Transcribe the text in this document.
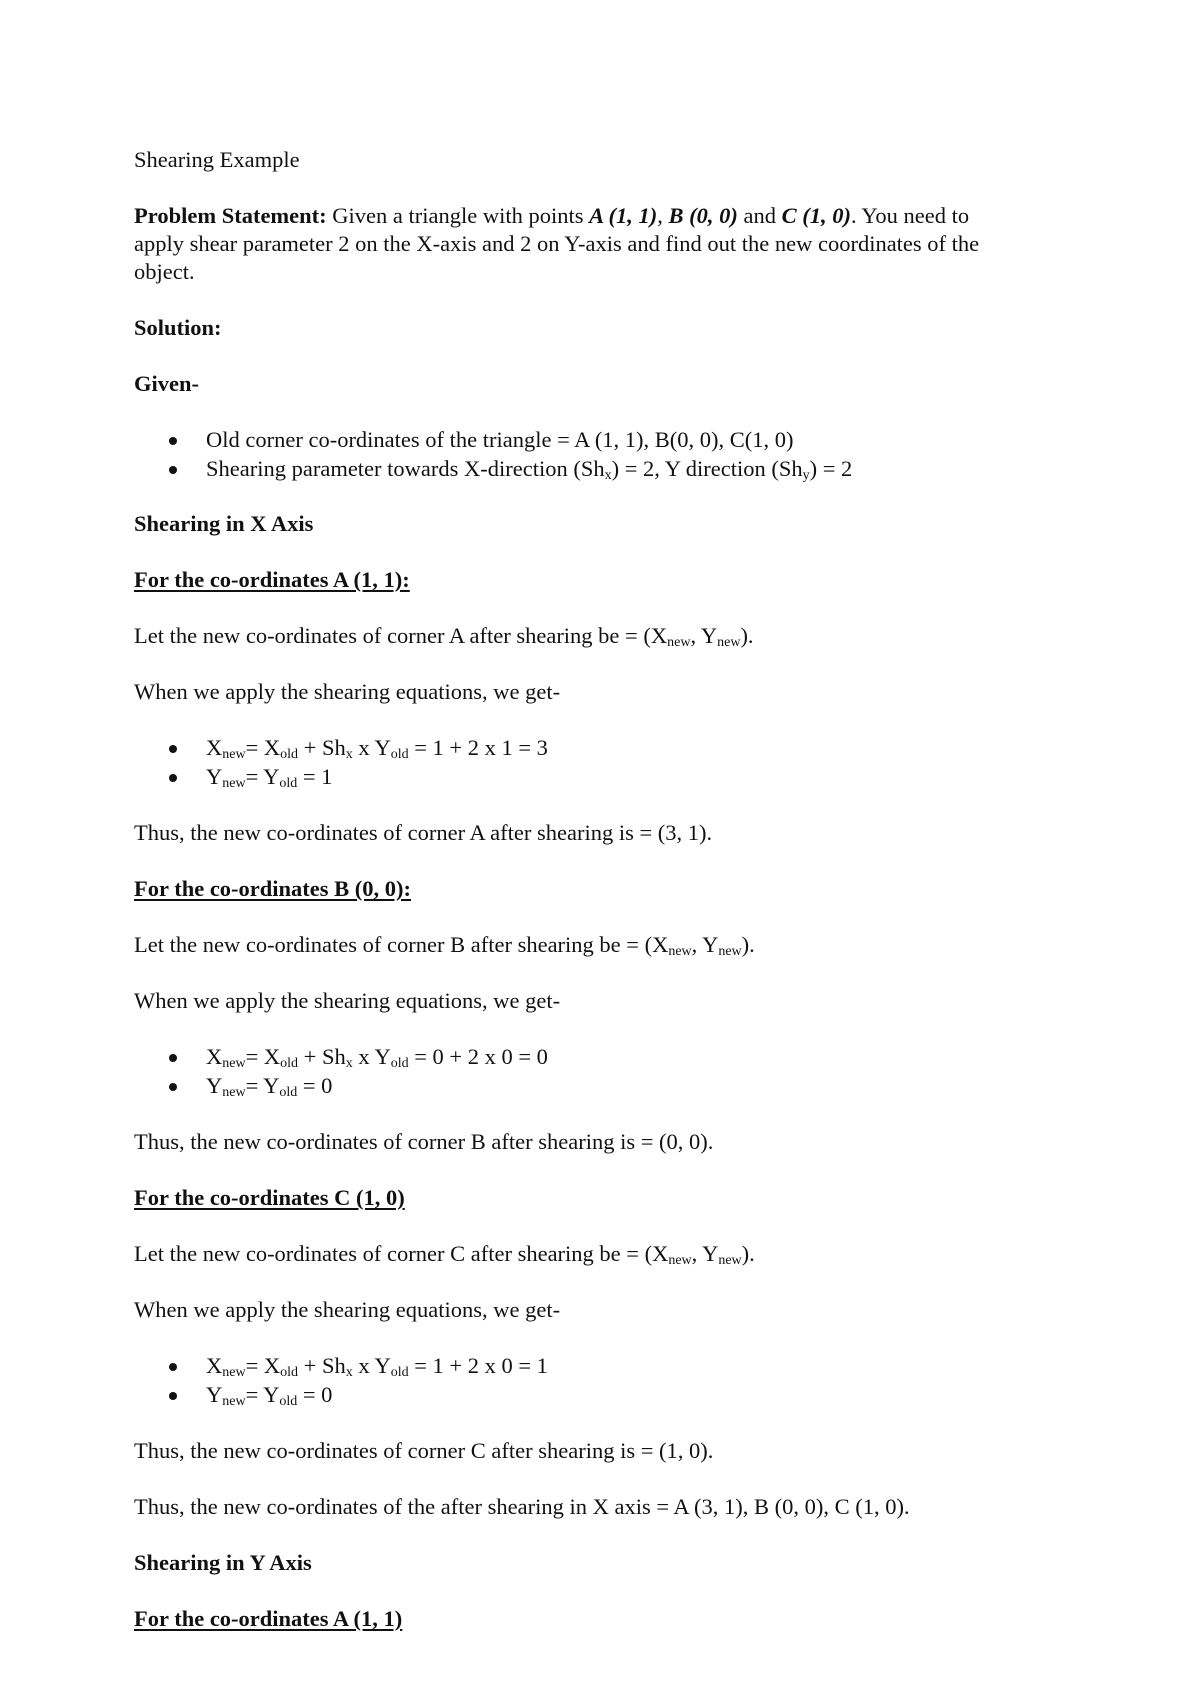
Shearing Example
Problem Statement: Given a triangle with points A (1, 1), B (0, 0) and C (1, 0). You need to
apply shear parameter 2 on the X-axis and 2 on Y-axis and find out the new coordinates of the
object.
Solution:
Given-
Old corner co-ordinates of the triangle = A (1, 1), B(0, 0), C(1, 0)
Shearing parameter towards X-direction (Shx) = 2, Y direction (Shy) = 2
Shearing in X Axis
For the co-ordinates A (1, 1):
Let the new co-ordinates of corner A after shearing be = (Xnew, Ynew).
When we apply the shearing equations, we get-
Xnew= Xold + Shx x Yold = 1 + 2 x 1 = 3
Ynew= Yold = 1
Thus, the new co-ordinates of corner A after shearing is = (3, 1).
For the co-ordinates B (0, 0):
Let the new co-ordinates of corner B after shearing be = (Xnew, Ynew).
When we apply the shearing equations, we get-
Xnew= Xold + Shx x Yold = 0 + 2 x 0 = 0
Ynew= Yold = 0
Thus, the new co-ordinates of corner B after shearing is = (0, 0).
For the co-ordinates C (1, 0)
Let the new co-ordinates of corner C after shearing be = (Xnew, Ynew).
When we apply the shearing equations, we get-
Xnew= Xold + Shx x Yold = 1 + 2 x 0 = 1
Ynew= Yold = 0
Thus, the new co-ordinates of corner C after shearing is = (1, 0).
Thus, the new co-ordinates of the after shearing in X axis = A (3, 1), B (0, 0), C (1, 0).
Shearing in Y Axis
For the co-ordinates A (1, 1)
